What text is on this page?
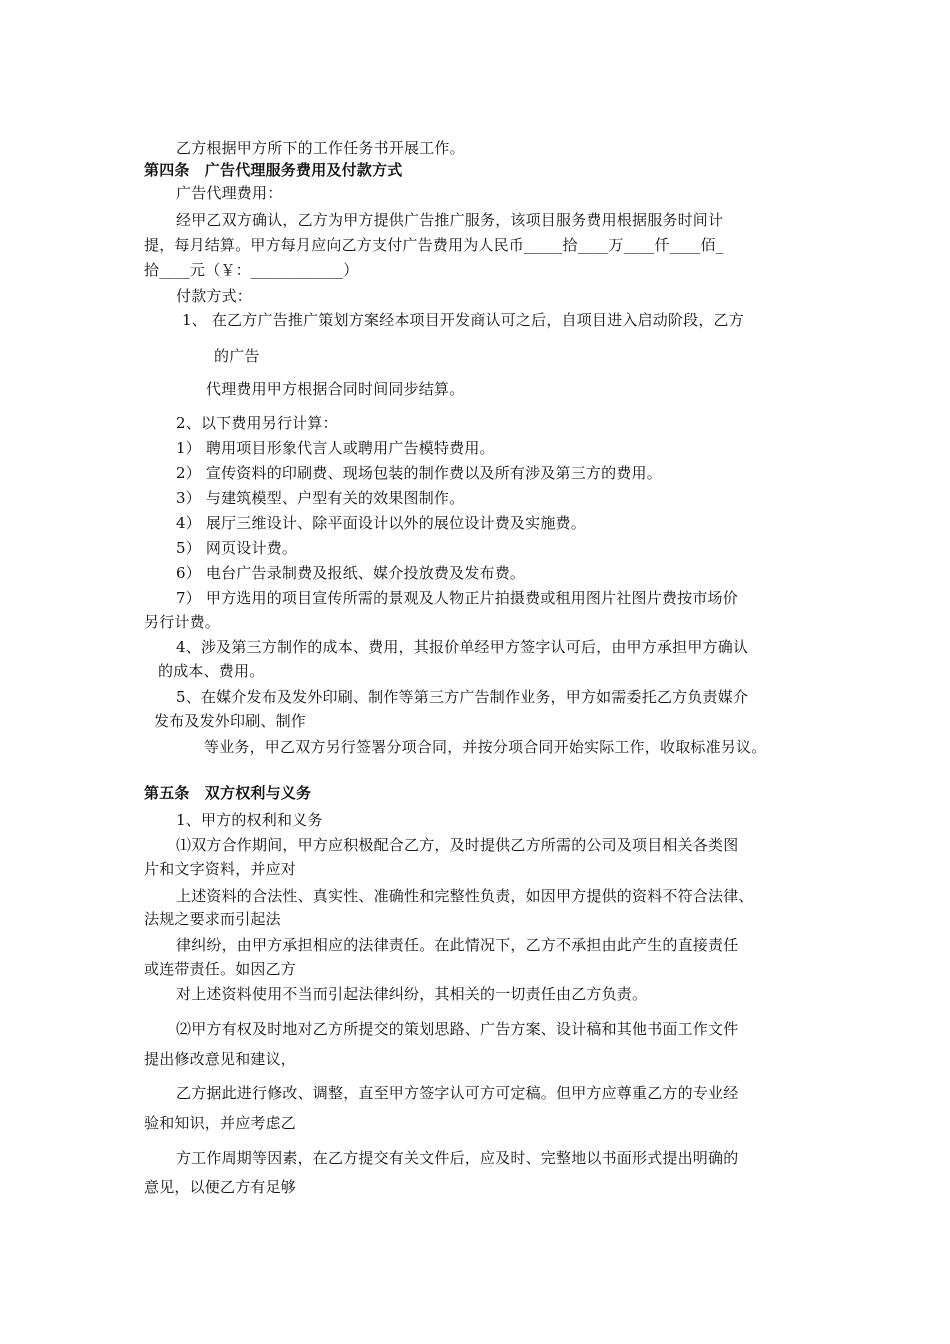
乙方根据甲方所下的工作任务书开展工作。
第四条　广告代理服务费用及付款方式
广告代理费用：
经甲乙双方确认，乙方为甲方提供广告推广服务，该项目服务费用根据服务时间计
提，每月结算。甲方每月应向乙方支付广告费用为人民币_____拾____万____仟____佰_
拾____元（￥：____________）
付款方式：
1、 在乙方广告推广策划方案经本项目开发商认可之后，自项目进入启动阶段，乙方
的广告
代理费用甲方根据合同时间同步结算。
2、以下费用另行计算：
1） 聘用项目形象代言人或聘用广告模特费用。
2） 宣传资料的印刷费、现场包装的制作费以及所有涉及第三方的费用。
3） 与建筑模型、户型有关的效果图制作。
4） 展厅三维设计、除平面设计以外的展位设计费及实施费。
5） 网页设计费。
6） 电台广告录制费及报纸、媒介投放费及发布费。
7） 甲方选用的项目宣传所需的景观及人物正片拍摄费或租用图片社图片费按市场价
另行计费。
4、涉及第三方制作的成本、费用，其报价单经甲方签字认可后，由甲方承担甲方确认
的成本、费用。
5、在媒介发布及发外印刷、制作等第三方广告制作业务，甲方如需委托乙方负责媒介
发布及发外印刷、制作
等业务，甲乙双方另行签署分项合同，并按分项合同开始实际工作，收取标准另议。
第五条　双方权利与义务
1、甲方的权利和义务
⑴双方合作期间，甲方应积极配合乙方，及时提供乙方所需的公司及项目相关各类图
片和文字资料，并应对
上述资料的合法性、真实性、准确性和完整性负责，如因甲方提供的资料不符合法律、
法规之要求而引起法
律纠纷，由甲方承担相应的法律责任。在此情况下，乙方不承担由此产生的直接责任
或连带责任。如因乙方
对上述资料使用不当而引起法律纠纷，其相关的一切责任由乙方负责。
⑵甲方有权及时地对乙方所提交的策划思路、广告方案、设计稿和其他书面工作文件
提出修改意见和建议，
乙方据此进行修改、调整，直至甲方签字认可方可定稿。但甲方应尊重乙方的专业经
验和知识，并应考虑乙
方工作周期等因素，在乙方提交有关文件后，应及时、完整地以书面形式提出明确的
意见，以便乙方有足够
